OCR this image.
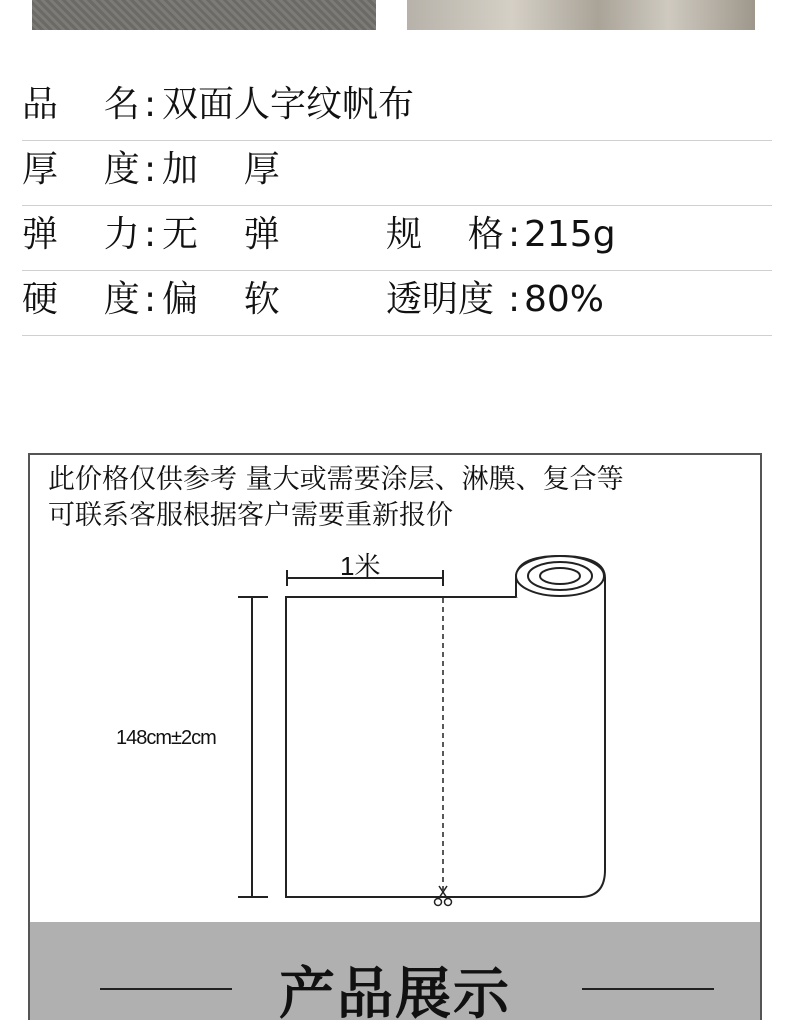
品    名 : 双面人字纹帆布
厚    度 : 加    厚
弹    力 : 无    弹	规    格 : 215g
硬    度 : 偏    软	透明度 : 80%
此价格仅供参考 量大或需要涂层、淋膜、复合等
可联系客服根据客户需要重新报价
1米
148cm±2cm
产品展示
